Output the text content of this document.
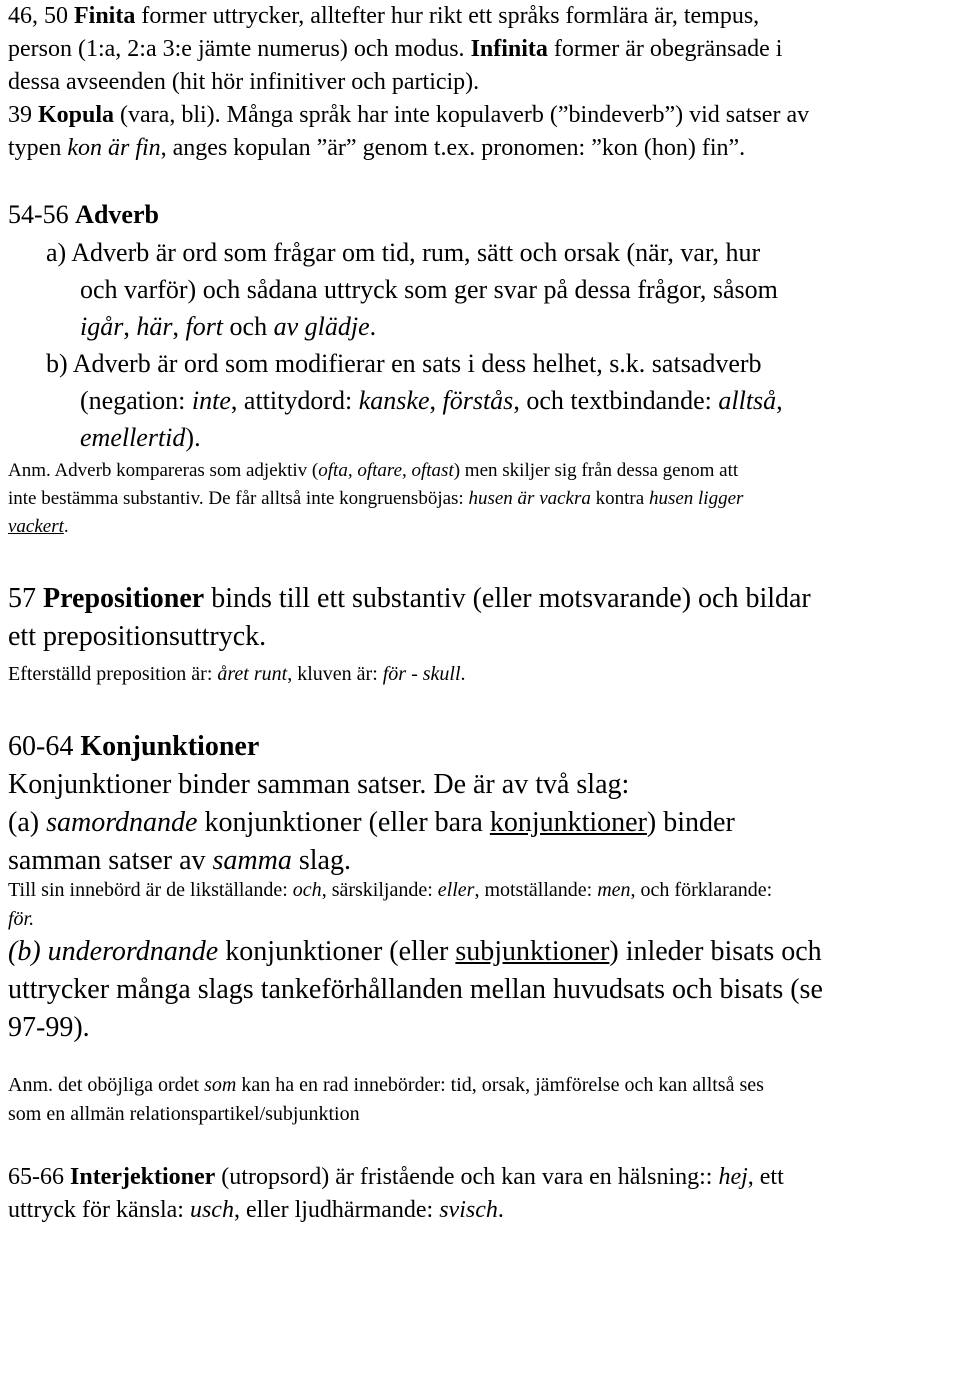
46, 50 Finita former uttrycker, alltefter hur rikt ett språks formlära är, tempus,
person (1:a, 2:a 3:e jämte numerus) och modus. Infinita former är obegränsade i
dessa avseenden (hit hör infinitiver och particip).
39 Kopula (vara, bli). Många språk har inte kopulaverb (”bindeverb”) vid satser av
typen kon är fin, anges kopulan ”är” genom t.ex. pronomen: ”kon (hon) fin”.
54-56 Adverb
a) Adverb är ord som frågar om tid, rum, sätt och orsak (när, var, hur
och varför) och sådana uttryck som ger svar på dessa frågor, såsom
igår, här, fort och av glädje.
b) Adverb är ord som modifierar en sats i dess helhet, s.k. satsadverb
(negation: inte, attitydord: kanske, förstås, och textbindande: alltså,
emellertid).
Anm. Adverb kompareras som adjektiv (ofta, oftare, oftast) men skiljer sig från dessa genom att
inte bestämma substantiv. De får alltså inte kongruensböjas: husen är vackra kontra husen ligger
vackert.
57 Prepositioner binds till ett substantiv (eller motsvarande) och bildar
ett prepositionsuttryck.
Efterställd preposition är: året runt, kluven är: för - skull.
60-64 Konjunktioner
Konjunktioner binder samman satser. De är av två slag:
(a) samordnande konjunktioner (eller bara konjunktioner) binder
samman satser av samma slag.
Till sin innebörd är de likställande: och, särskiljande: eller, motställande: men, och förklarande:
för.
(b) underordnande konjunktioner (eller subjunktioner) inleder bisats och
uttrycker många slags tankeförhållanden mellan huvudsats och bisats (se
97-99).
Anm. det oböjliga ordet som kan ha en rad innebörder: tid, orsak, jämförelse och kan alltså ses
som en allmän relationspartikel/subjunktion
65-66 Interjektioner (utropsord) är fristående och kan vara en hälsning:: hej, ett
uttryck för känsla: usch, eller ljudhärmande: svisch.
